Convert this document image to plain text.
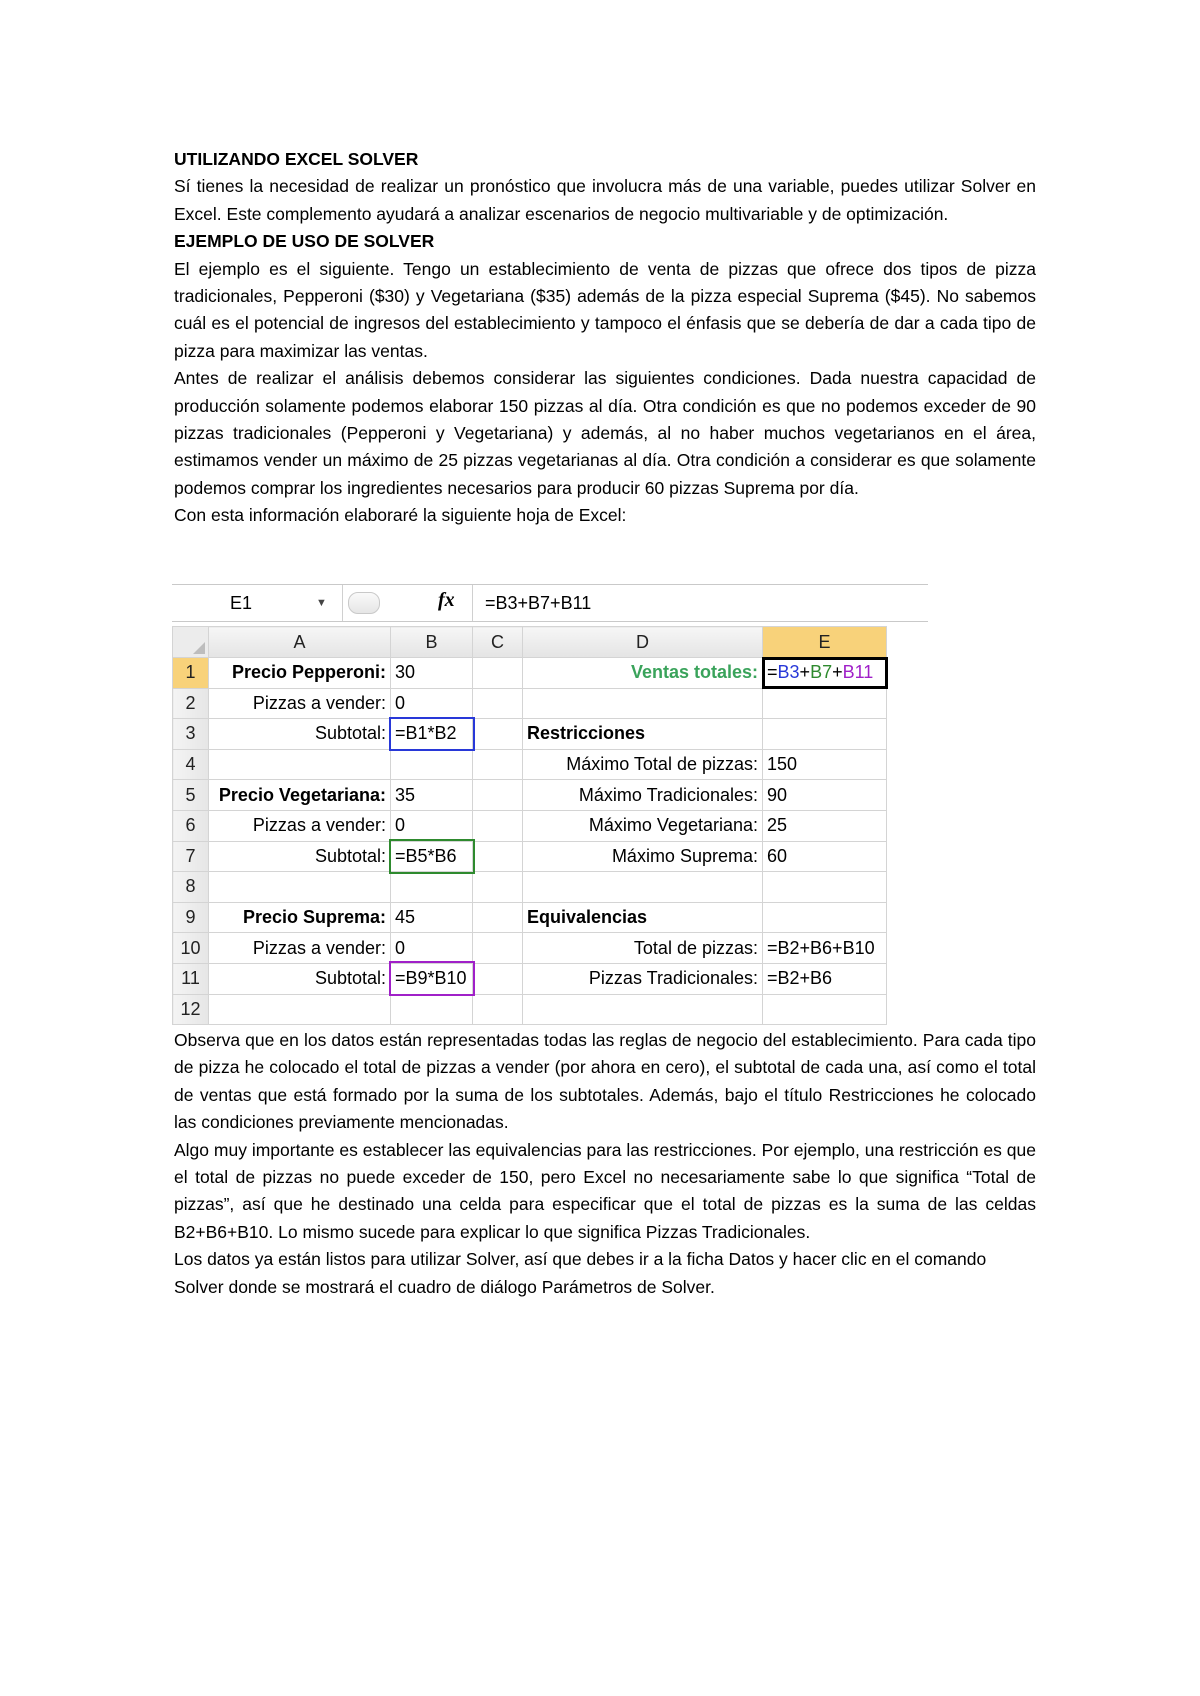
UTILIZANDO EXCEL SOLVER

Sí tienes la necesidad de realizar un pronóstico que involucra más de una variable, puedes utilizar Solver en Excel. Este complemento ayudará a analizar escenarios de negocio multivariable y de optimización.

EJEMPLO DE USO DE SOLVER

El ejemplo es el siguiente. Tengo un establecimiento de venta de pizzas que ofrece dos tipos de pizza tradicionales, Pepperoni ($30) y Vegetariana ($35) además de la pizza especial Suprema ($45). No sabemos cuál es el potencial de ingresos del establecimiento y tampoco el énfasis que se debería de dar a cada tipo de pizza para maximizar las ventas.

Antes de realizar el análisis debemos considerar las siguientes condiciones. Dada nuestra capacidad de producción solamente podemos elaborar 150 pizzas al día. Otra condición es que no podemos exceder de 90 pizzas tradicionales (Pepperoni y Vegetariana) y además, al no haber muchos vegetarianos en el área, estimamos vender un máximo de 25 pizzas vegetarianas al día. Otra condición a considerar es que solamente podemos comprar los ingredientes necesarios para producir 60 pizzas Suprema por día.

Con esta información elaboraré la siguiente hoja de Excel:

E1	▼	fx	=B3+B7+B11
	A	B	C	D	E
1	Precio Pepperoni:	30		Ventas totales:	=B3+B7+B11
2	Pizzas a vender:	0			
3	Subtotal:	=B1*B2		Restricciones	
4				Máximo Total de pizzas:	150
5	Precio Vegetariana:	35		Máximo Tradicionales:	90
6	Pizzas a vender:	0		Máximo Vegetariana:	25
7	Subtotal:	=B5*B6		Máximo Suprema:	60
8					
9	Precio Suprema:	45		Equivalencias	
10	Pizzas a vender:	0		Total de pizzas:	=B2+B6+B10
11	Subtotal:	=B9*B10		Pizzas Tradicionales:	=B2+B6
12					

Observa que en los datos están representadas todas las reglas de negocio del establecimiento. Para cada tipo de pizza he colocado el total de pizzas a vender (por ahora en cero), el subtotal de cada una, así como el total de ventas que está formado por la suma de los subtotales. Además, bajo el título Restricciones he colocado las condiciones previamente mencionadas.

Algo muy importante es establecer las equivalencias para las restricciones. Por ejemplo, una restricción es que el total de pizzas no puede exceder de 150, pero Excel no necesariamente sabe lo que significa “Total de pizzas”, así que he destinado una celda para especificar que el total de pizzas es la suma de las celdas B2+B6+B10. Lo mismo sucede para explicar lo que significa Pizzas Tradicionales.

Los datos ya están listos para utilizar Solver, así que debes ir a la ficha Datos y hacer clic en el comando Solver donde se mostrará el cuadro de diálogo Parámetros de Solver.
